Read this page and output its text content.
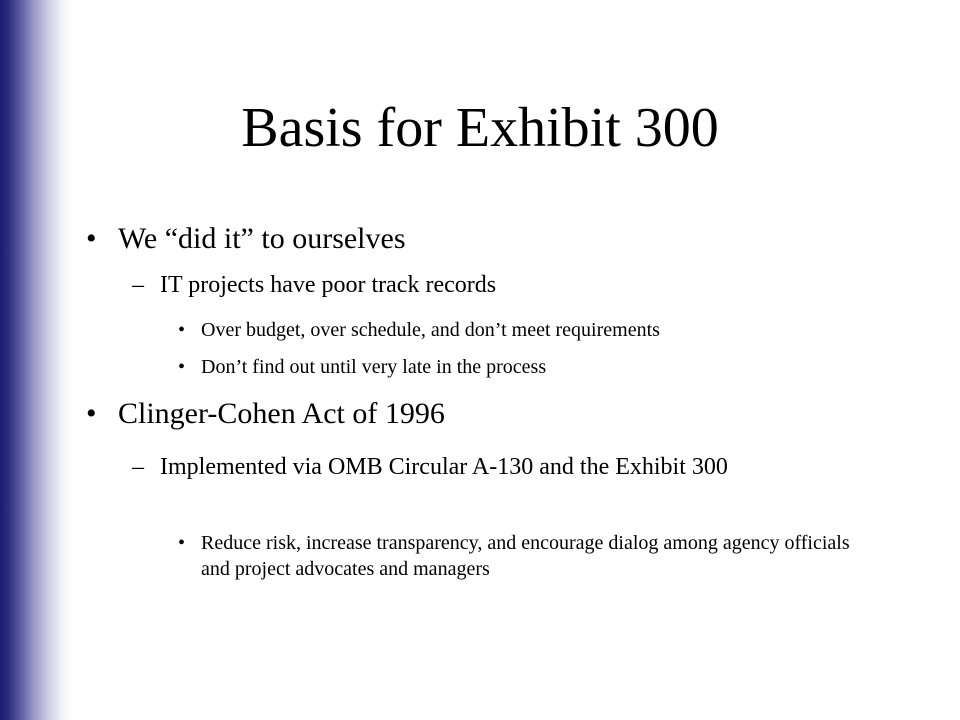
Basis for Exhibit 300
• We “did it” to ourselves
– IT projects have poor track records
• Over budget, over schedule, and don’t meet requirements
• Don’t find out until very late in the process
• Clinger-Cohen Act of 1996
– Implemented via OMB Circular A-130 and the Exhibit 300
• Reduce risk, increase transparency, and encourage dialog among agency officials and project advocates and managers
